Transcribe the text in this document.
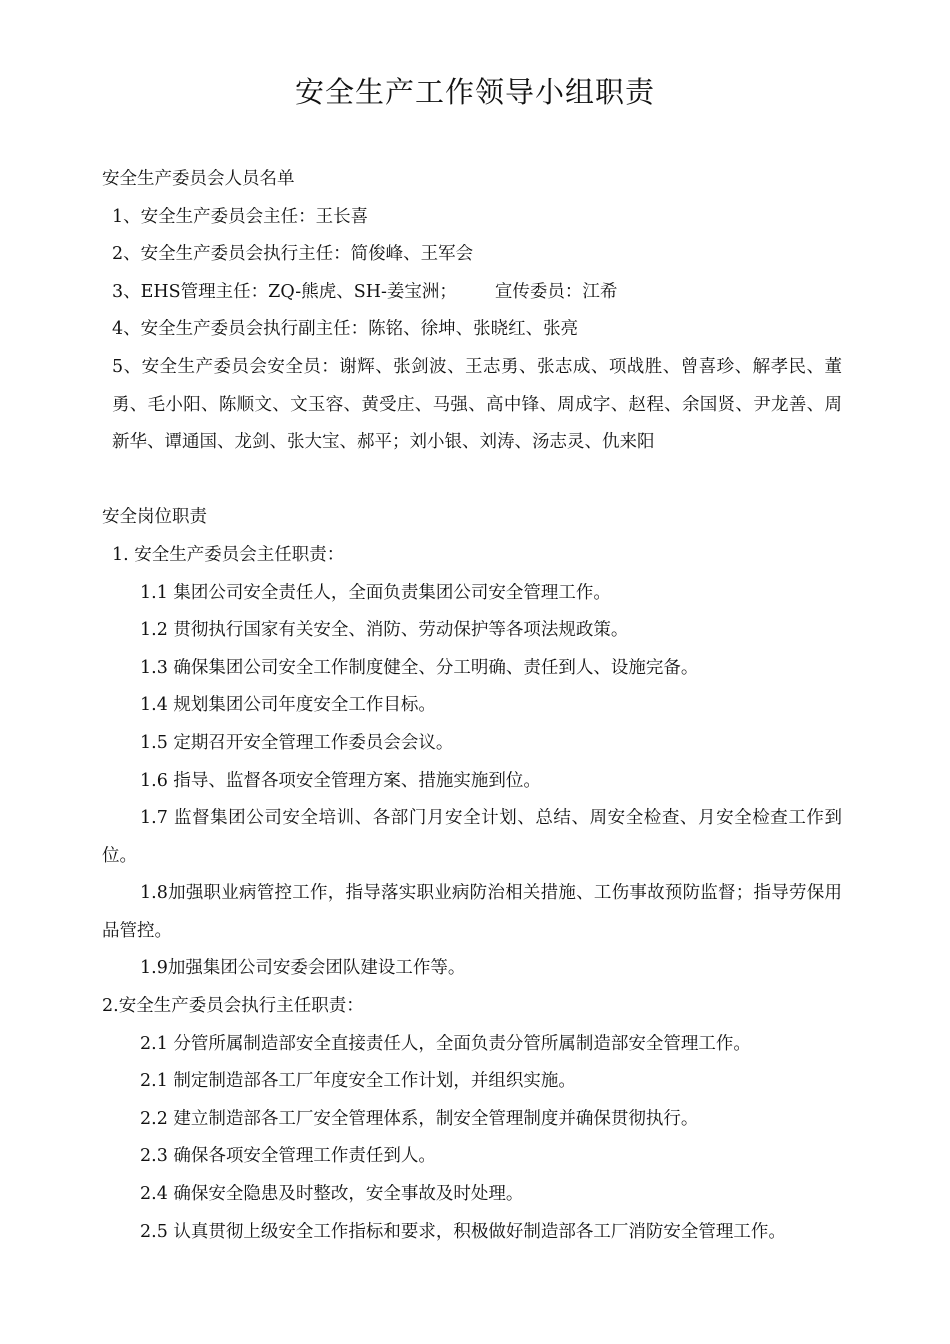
安全生产工作领导小组职责
安全生产委员会人员名单
1、安全生产委员会主任：王长喜
2、安全生产委员会执行主任：简俊峰、王军会
3、EHS管理主任：ZQ-熊虎、SH-姜宝洲； 宣传委员：江希
4、安全生产委员会执行副主任：陈铭、徐坤、张晓红、张亮
5、安全生产委员会安全员：谢辉、张剑波、王志勇、张志成、项战胜、曾喜珍、解孝民、董勇、毛小阳、陈顺文、文玉容、黄受庄、马强、高中锋、周成字、赵程、余国贤、尹龙善、周新华、谭通国、龙剑、张大宝、郝平；刘小银、刘涛、汤志灵、仇来阳
安全岗位职责
1. 安全生产委员会主任职责：
1.1 集团公司安全责任人，全面负责集团公司安全管理工作。
1.2 贯彻执行国家有关安全、消防、劳动保护等各项法规政策。
1.3 确保集团公司安全工作制度健全、分工明确、责任到人、设施完备。
1.4 规划集团公司年度安全工作目标。
1.5 定期召开安全管理工作委员会会议。
1.6 指导、监督各项安全管理方案、措施实施到位。
1.7 监督集团公司安全培训、各部门月安全计划、总结、周安全检查、月安全检查工作到位。
1.8加强职业病管控工作，指导落实职业病防治相关措施、工伤事故预防监督；指导劳保用品管控。
1.9加强集团公司安委会团队建设工作等。
2.安全生产委员会执行主任职责：
2.1 分管所属制造部安全直接责任人，全面负责分管所属制造部安全管理工作。
2.1 制定制造部各工厂年度安全工作计划，并组织实施。
2.2 建立制造部各工厂安全管理体系，制安全管理制度并确保贯彻执行。
2.3 确保各项安全管理工作责任到人。
2.4 确保安全隐患及时整改，安全事故及时处理。
2.5 认真贯彻上级安全工作指标和要求，积极做好制造部各工厂消防安全管理工作。
